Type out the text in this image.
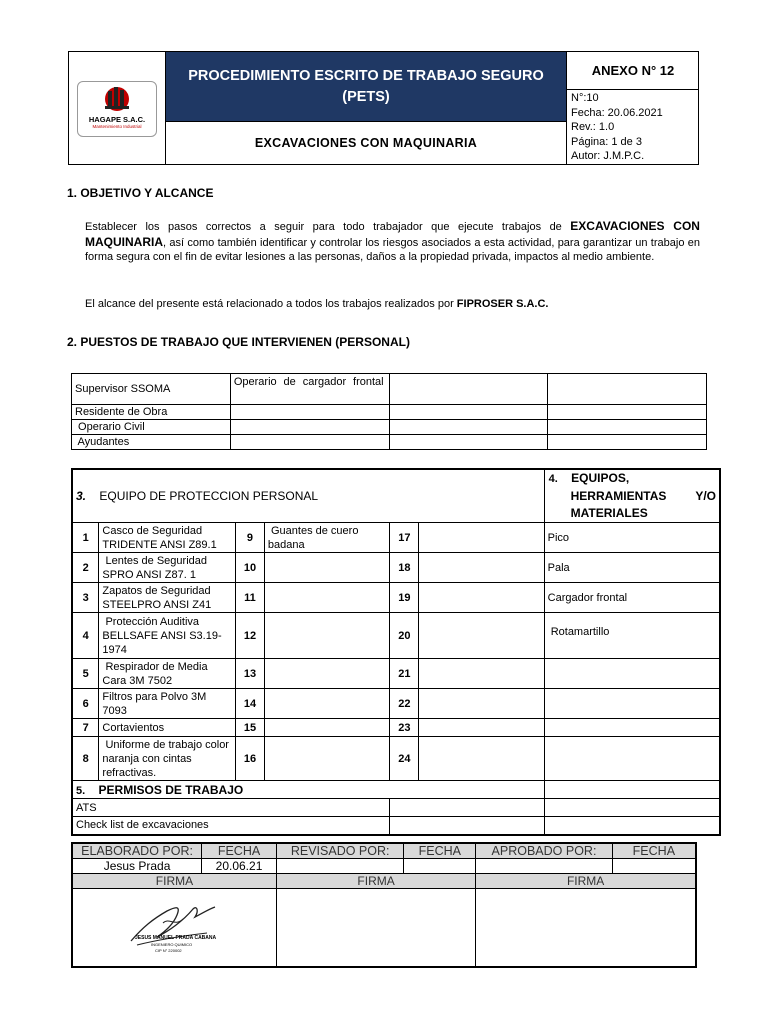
HAGAPE S.A.C.
Mantenimiento Industrial
PROCEDIMIENTO ESCRITO DE TRABAJO SEGURO
(PETS)
EXCAVACIONES CON MAQUINARIA
ANEXO N° 12
N°:10
Fecha: 20.06.2021
Rev.: 1.0
Página: 1 de 3
Autor: J.M.P.C.
1. OBJETIVO Y ALCANCE
Establecer los pasos correctos a seguir para todo trabajador que ejecute trabajos de EXCAVACIONES CON MAQUINARIA, así como también identificar y controlar los riesgos asociados a esta actividad, para garantizar un trabajo en forma segura con el fin de evitar lesiones a las personas, daños a la propiedad privada, impactos al medio ambiente.
El alcance del presente está relacionado a todos los trabajos realizados por FIPROSER S.A.C.
2. PUESTOS DE TRABAJO QUE INTERVIENEN (PERSONAL)
Supervisor SSOMA	Operario de cargador frontal		
Residente de Obra			
Operario Civil			
Ayudantes			
3. EQUIPO DE PROTECCION PERSONAL						4. EQUIPOS,
HERRAMIENTAS Y/O
MATERIALES

1	Casco de Seguridad TRIDENTE ANSI Z89.1	9	Guantes de cuero badana	17		Pico
2	Lentes de Seguridad SPRO ANSI Z87. 1	10		18		Pala
3	Zapatos de Seguridad STEELPRO ANSI Z41	11		19		Cargador frontal
4	Protección Auditiva BELLSAFE ANSI S3.19-1974	12		20		Rotamartillo
5	Respirador de Media Cara 3M 7502	13		21		
6	Filtros para Polvo 3M 7093	14		22		
7	Cortavientos	15		23		
8	Uniforme de trabajo color naranja con cintas refractivas.	16		24		
5. PERMISOS DE TRABAJO						
ATS						
Check list de excavaciones						
ELABORADO POR:	FECHA	REVISADO POR:	FECHA	APROBADO POR:	FECHA
Jesus Prada	20.06.21				
FIRMA		FIRMA		FIRMA	

JESUS MANUEL PRADA CABANA
INGENIERO QUIMICO
CIP N° 220002					
